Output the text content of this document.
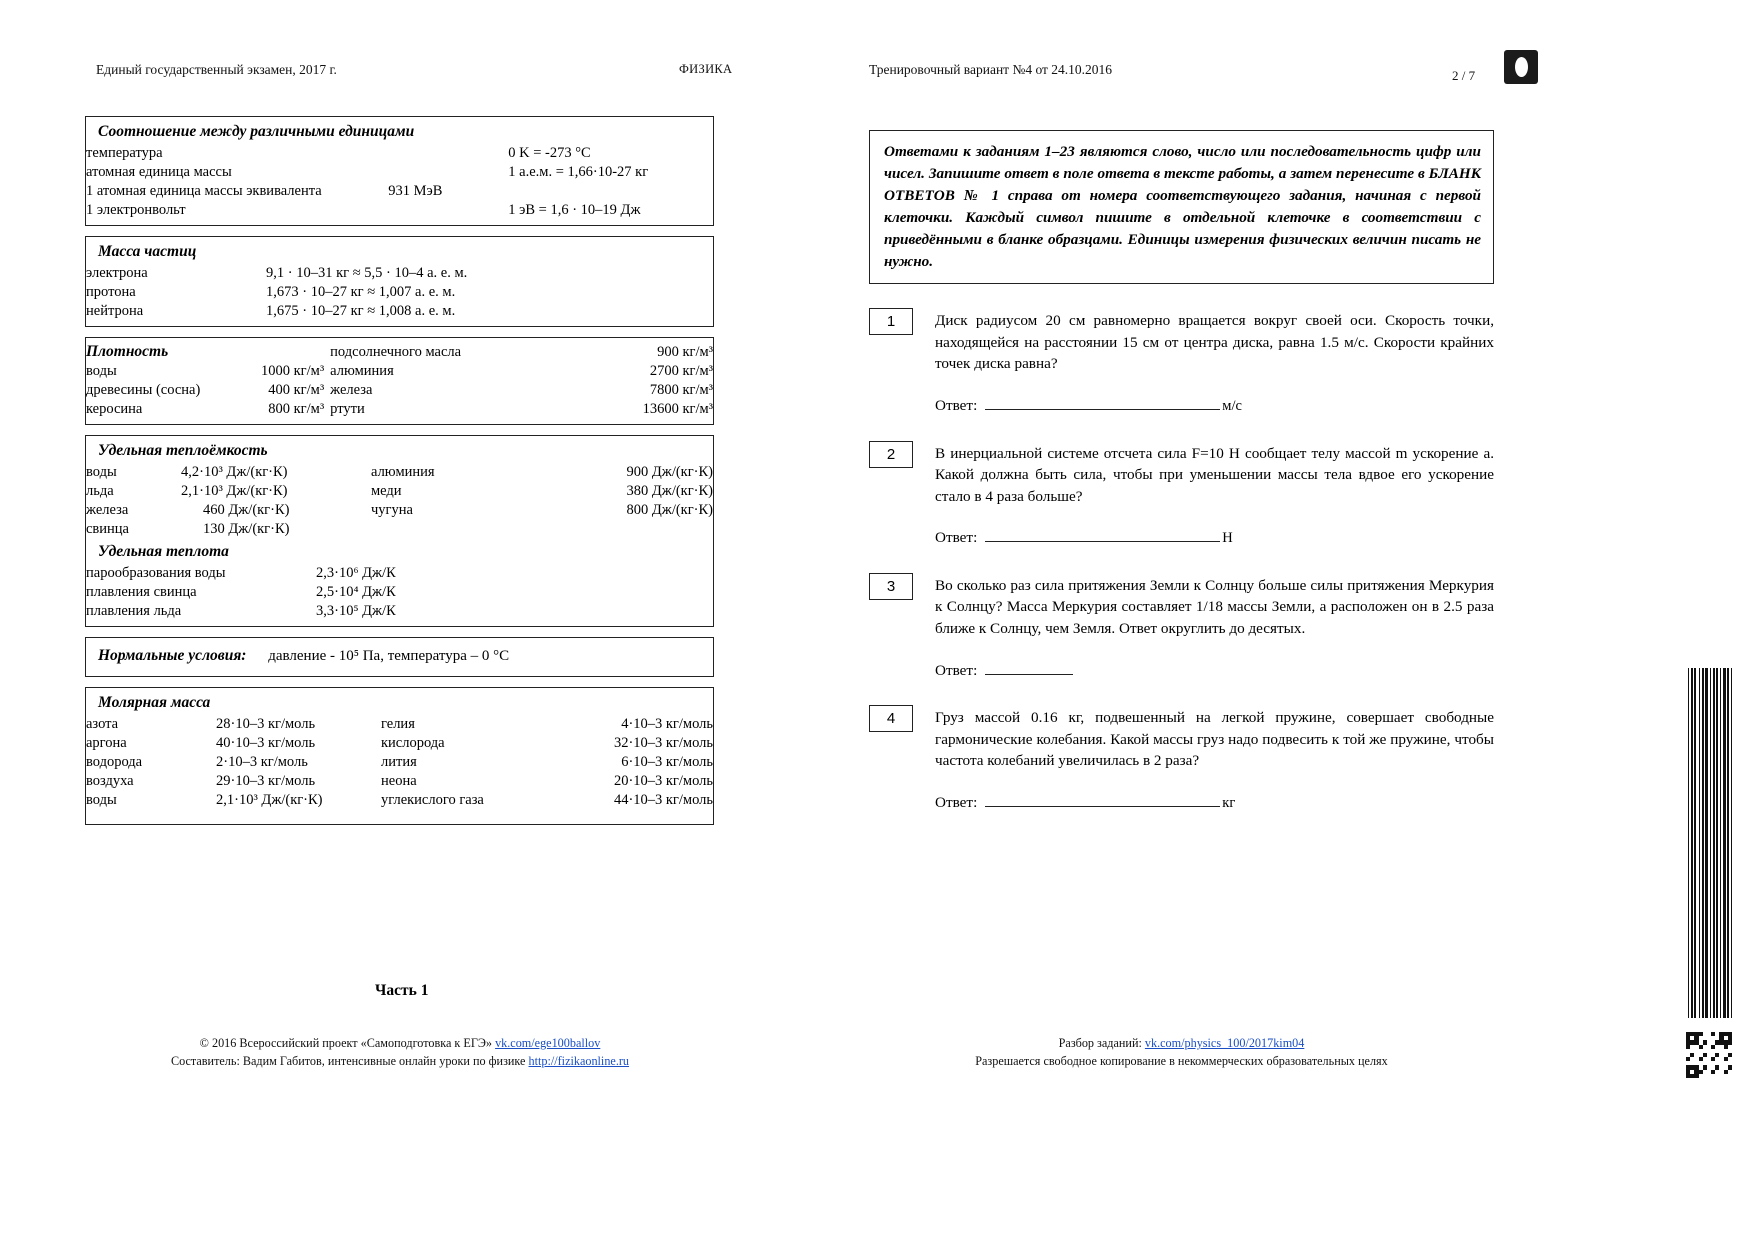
Единый государственный экзамен, 2017 г.	ФИЗИКА	Тренировочный вариант №4 от 24.10.2016	2 / 7
Соотношение между различными единицами
температура	0 K = -273 °C
атомная единица массы	1 а.е.м. = 1,66·10-27 кг
1 атомная единица массы эквивалента	931 МэВ
1 электронвольт	1 эВ = 1,6 · 10–19 Дж
Масса частиц
электрона	9,1 · 10–31 кг ≈ 5,5 · 10–4 а. е. м.
протона	1,673 · 10–27 кг ≈ 1,007 а. е. м.
нейтрона	1,675 · 10–27 кг ≈ 1,008 а. е. м.
Плотность		подсолнечного масла	900 кг/м³
воды	1000 кг/м³	алюминия	2700 кг/м³
древесины (сосна)	400 кг/м³	железа	7800 кг/м³
керосина	800 кг/м³	ртути	13600 кг/м³
Удельная теплоёмкость
воды	4,2·10³ Дж/(кг·К)	алюминия	900 Дж/(кг·К)
льда	2,1·10³ Дж/(кг·К)	меди	380 Дж/(кг·К)
железа	460 Дж/(кг·К)	чугуна	800 Дж/(кг·К)
свинца	130 Дж/(кг·К)		
Удельная теплота
парообразования воды	2,3·10⁶ Дж/К
плавления свинца	2,5·10⁴ Дж/К
плавления льда	3,3·10⁵ Дж/К
Нормальные условия: давление - 10⁵ Па, температура – 0 °С
Молярная масса
азота	28·10–3 кг/моль	гелия	4·10–3 кг/моль
аргона	40·10–3 кг/моль	кислорода	32·10–3 кг/моль
водорода	2·10–3 кг/моль	лития	6·10–3 кг/моль
воздуха	29·10–3 кг/моль	неона	20·10–3 кг/моль
воды	2,1·10³ Дж/(кг·К)	углекислого газа	44·10–3 кг/моль
Ответами к заданиям 1–23 являются слово, число или последовательность цифр или чисел. Запишите ответ в поле ответа в тексте работы, а затем перенесите в БЛАНК ОТВЕТОВ № 1 справа от номера соответствующего задания, начиная с первой клеточки. Каждый символ пишите в отдельной клеточке в соответствии с приведёнными в бланке образцами. Единицы измерения физических величин писать не нужно.
1	Диск радиусом 20 см равномерно вращается вокруг своей оси. Скорость точки, находящейся на расстоянии 15 см от центра диска, равна 1.5 м/с. Скорости крайних точек диска равна?
Ответ:	м/с
2	В инерциальной системе отсчета сила F=10 H сообщает телу массой m ускорение a. Какой должна быть сила, чтобы при уменьшении массы тела вдвое его ускорение стало в 4 раза больше?
Ответ:	H
3	Во сколько раз сила притяжения Земли к Солнцу больше силы притяжения Меркурия к Солнцу? Масса Меркурия составляет 1/18 массы Земли, а расположен он в 2.5 раза ближе к Солнцу, чем Земля. Ответ округлить до десятых.
Ответ:
4	Груз массой 0.16 кг, подвешенный на легкой пружине, совершает свободные гармонические колебания. Какой массы груз надо подвесить к той же пружине, чтобы частота колебаний увеличилась в 2 раза?
Ответ:	кг
Часть 1
© 2016 Всероссийский проект «Самоподготовка к ЕГЭ» vk.com/ege100ballov
Составитель: Вадим Габитов, интенсивные онлайн уроки по физике http://fizikaonline.ru
Разбор заданий: vk.com/physics_100/2017kim04
Разрешается свободное копирование в некоммерческих образовательных целях
